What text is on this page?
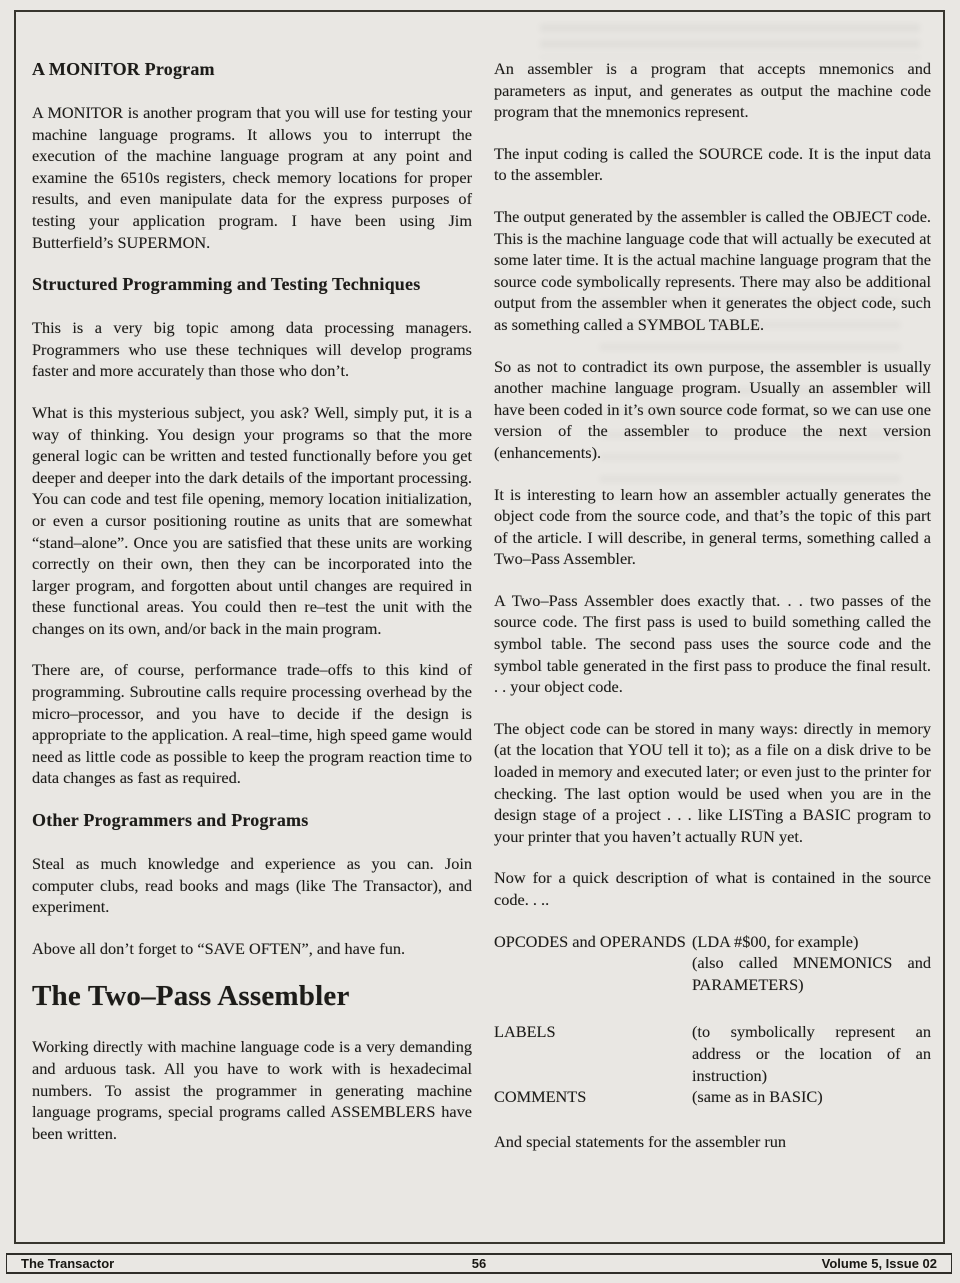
A MONITOR Program
A MONITOR is another program that you will use for testing your machine language programs. It allows you to interrupt the execution of the machine language program at any point and examine the 6510s registers, check memory locations for proper results, and even manipulate data for the express purposes of testing your application program. I have been using Jim Butterfield’s SUPERMON.
Structured Programming and Testing Techniques
This is a very big topic among data processing managers. Programmers who use these techniques will develop programs faster and more accurately than those who don’t.
What is this mysterious subject, you ask? Well, simply put, it is a way of thinking. You design your programs so that the more general logic can be written and tested functionally before you get deeper and deeper into the dark details of the important processing. You can code and test file opening, memory location initialization, or even a cursor positioning routine as units that are somewhat “stand–alone”. Once you are satisfied that these units are working correctly on their own, then they can be incorporated into the larger program, and forgotten about until changes are required in these functional areas. You could then re–test the unit with the changes on its own, and/or back in the main program.
There are, of course, performance trade–offs to this kind of programming. Subroutine calls require processing overhead by the micro–processor, and you have to decide if the design is appropriate to the application. A real–time, high speed game would need as little code as possible to keep the program reaction time to data changes as fast as required.
Other Programmers and Programs
Steal as much knowledge and experience as you can. Join computer clubs, read books and mags (like The Transactor), and experiment.
Above all don’t forget to “SAVE OFTEN”, and have fun.
The Two–Pass Assembler
Working directly with machine language code is a very demanding and arduous task. All you have to work with is hexadecimal numbers. To assist the programmer in generating machine language programs, special programs called ASSEMBLERS have been written.
An assembler is a program that accepts mnemonics and parameters as input, and generates as output the machine code program that the mnemonics represent.
The input coding is called the SOURCE code. It is the input data to the assembler.
The output generated by the assembler is called the OBJECT code. This is the machine language code that will actually be executed at some later time. It is the actual machine language program that the source code symbolically represents. There may also be additional output from the assembler when it generates the object code, such as something called a SYMBOL TABLE.
So as not to contradict its own purpose, the assembler is usually another machine language program. Usually an assembler will have been coded in it’s own source code format, so we can use one version of the assembler to produce the next version (enhancements).
It is interesting to learn how an assembler actually generates the object code from the source code, and that’s the topic of this part of the article. I will describe, in general terms, something called a Two–Pass Assembler.
A Two–Pass Assembler does exactly that. . . two passes of the source code. The first pass is used to build something called the symbol table. The second pass uses the source code and the symbol table generated in the first pass to produce the final result. . . your object code.
The object code can be stored in many ways: directly in memory (at the location that YOU tell it to); as a file on a disk drive to be loaded in memory and executed later; or even just to the printer for checking. The last option would be used when you are in the design stage of a project . . . like LISTing a BASIC program to your printer that you haven’t actually RUN yet.
Now for a quick description of what is contained in the source code. . ..
OPCODES and OPERANDS (LDA #$00, for example)
(also called MNEMONICS and PARAMETERS)
LABELS	(to symbolically represent an address or the location of an instruction)
COMMENTS	(same as in BASIC)
And special statements for the assembler run
The Transactor	56	Volume 5, Issue 02
